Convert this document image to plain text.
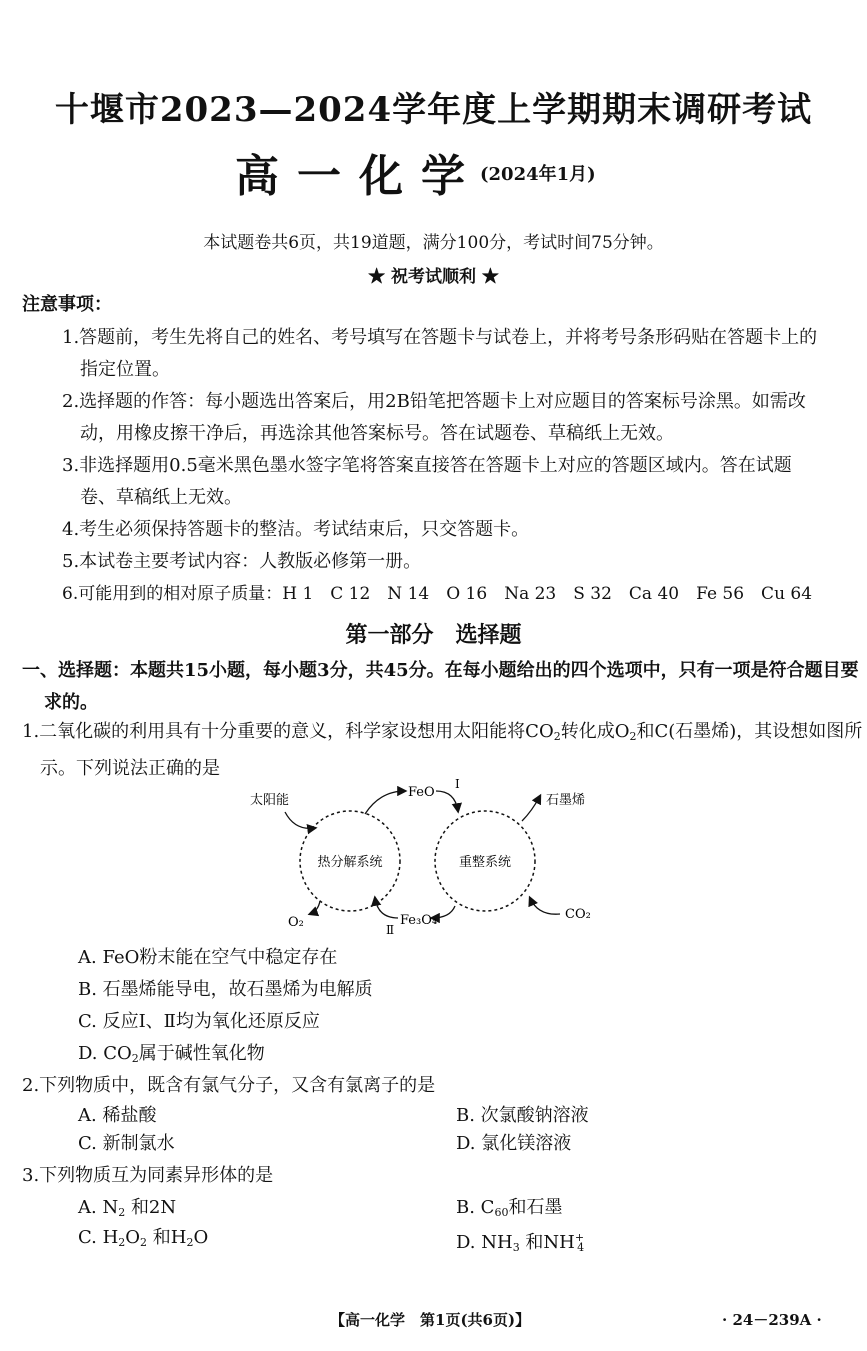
十堰市2023—2024学年度上学期期末调研考试
高一化学
(2024年1月)
本试题卷共6页，共19道题，满分100分，考试时间75分钟。
★ 祝考试顺利 ★
注意事项：
1.答题前，考生先将自己的姓名、考号填写在答题卡与试卷上，并将考号条形码贴在答题卡上的指定位置。
2.选择题的作答：每小题选出答案后，用2B铅笔把答题卡上对应题目的答案标号涂黑。如需改动，用橡皮擦干净后，再选涂其他答案标号。答在试题卷、草稿纸上无效。
3.非选择题用0.5毫米黑色墨水签字笔将答案直接答在答题卡上对应的答题区域内。答在试题卷、草稿纸上无效。
4.考生必须保持答题卡的整洁。考试结束后，只交答题卡。
5.本试卷主要考试内容：人教版必修第一册。
6.可能用到的相对原子质量：H 1　C 12　N 14　O 16　Na 23　S 32　Ca 40　Fe 56　Cu 64
第一部分　选择题
一、选择题：本题共15小题，每小题3分，共45分。在每小题给出的四个选项中，只有一项是符合题目要求的。
1.二氧化碳的利用具有十分重要的意义，科学家设想用太阳能将$CO_2$转化成$O_2$和C(石墨烯)，其设想如图所示。下列说法正确的是
热分解系统	重整系统
太阳能
FeO
Ⅰ
石墨烯
O₂	Fe₃O₄
Ⅱ
CO₂
A. FeO粉末能在空气中稳定存在
B. 石墨烯能导电，故石墨烯为电解质
C. 反应Ⅰ、Ⅱ均为氧化还原反应
D. $CO_2$属于碱性氧化物
2.下列物质中，既含有氯气分子，又含有氯离子的是
A. 稀盐酸	B. 次氯酸钠溶液
C. 新制氯水	D. 氯化镁溶液
3.下列物质互为同素异形体的是
A. $N_2$ 和2N	B. $C_{60}$和石墨
C. $H_2O_2$ 和$H_2O$	D. $NH_3$ 和$NH^+_4$
【高一化学　第1页(共6页)】	· 24－239A ·
